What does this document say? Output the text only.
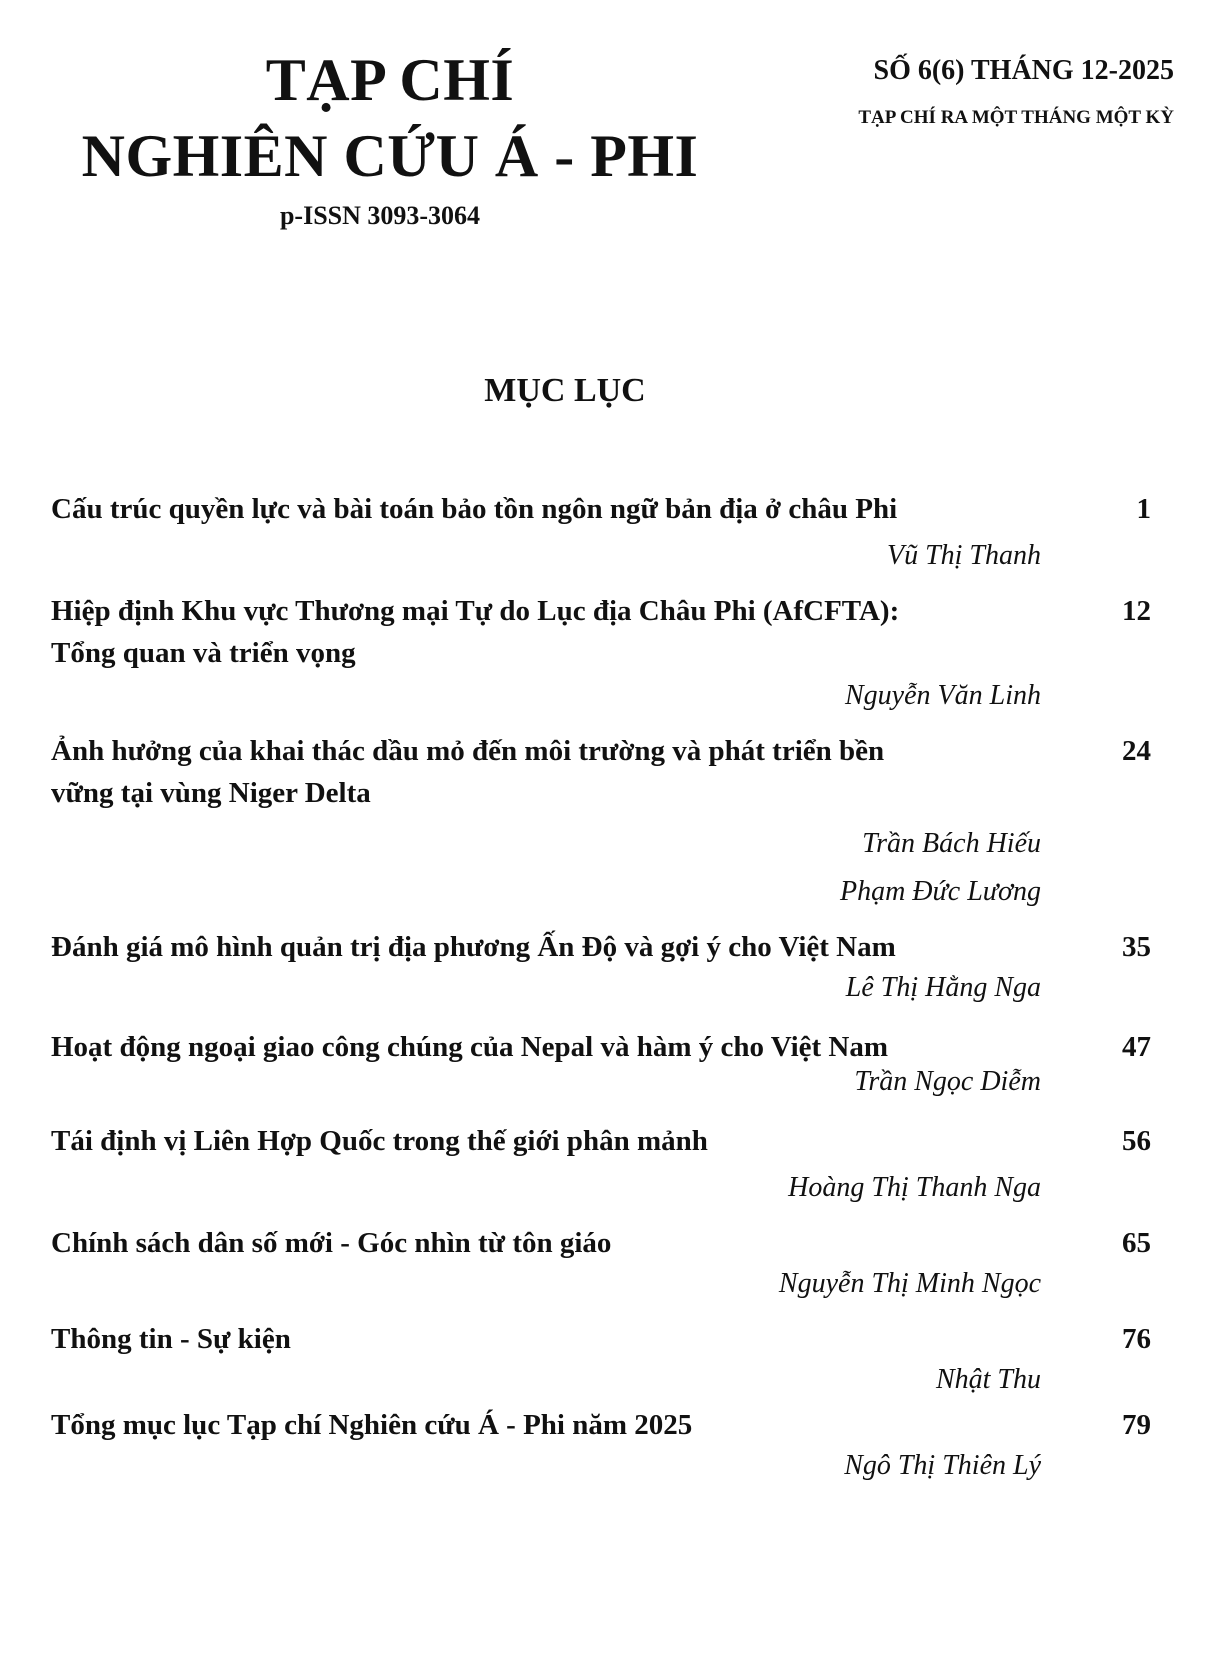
TẠP CHÍ
NGHIÊN CỨU Á - PHI
p-ISSN 3093-3064
SỐ 6(6) THÁNG 12-2025
TẠP CHÍ RA MỘT THÁNG MỘT KỲ
MỤC LỤC
Cấu trúc quyền lực và bài toán bảo tồn ngôn ngữ bản địa ở châu Phi	1
Vũ Thị Thanh
Hiệp định Khu vực Thương mại Tự do Lục địa Châu Phi (AfCFTA):
Tổng quan và triển vọng
12
Nguyễn Văn Linh
Ảnh hưởng của khai thác dầu mỏ đến môi trường và phát triển bền
vững tại vùng Niger Delta
24
Trần Bách Hiếu
Phạm Đức Lương
Đánh giá mô hình quản trị địa phương Ấn Độ và gợi ý cho Việt Nam	35
Lê Thị Hằng Nga
Hoạt động ngoại giao công chúng của Nepal và hàm ý cho Việt Nam	47
Trần Ngọc Diễm
Tái định vị Liên Hợp Quốc trong thế giới phân mảnh	56
Hoàng Thị Thanh Nga
Chính sách dân số mới - Góc nhìn từ tôn giáo	65
Nguyễn Thị Minh Ngọc
Thông tin - Sự kiện	76
Nhật Thu
Tổng mục lục Tạp chí Nghiên cứu Á - Phi năm 2025	79
Ngô Thị Thiên Lý
